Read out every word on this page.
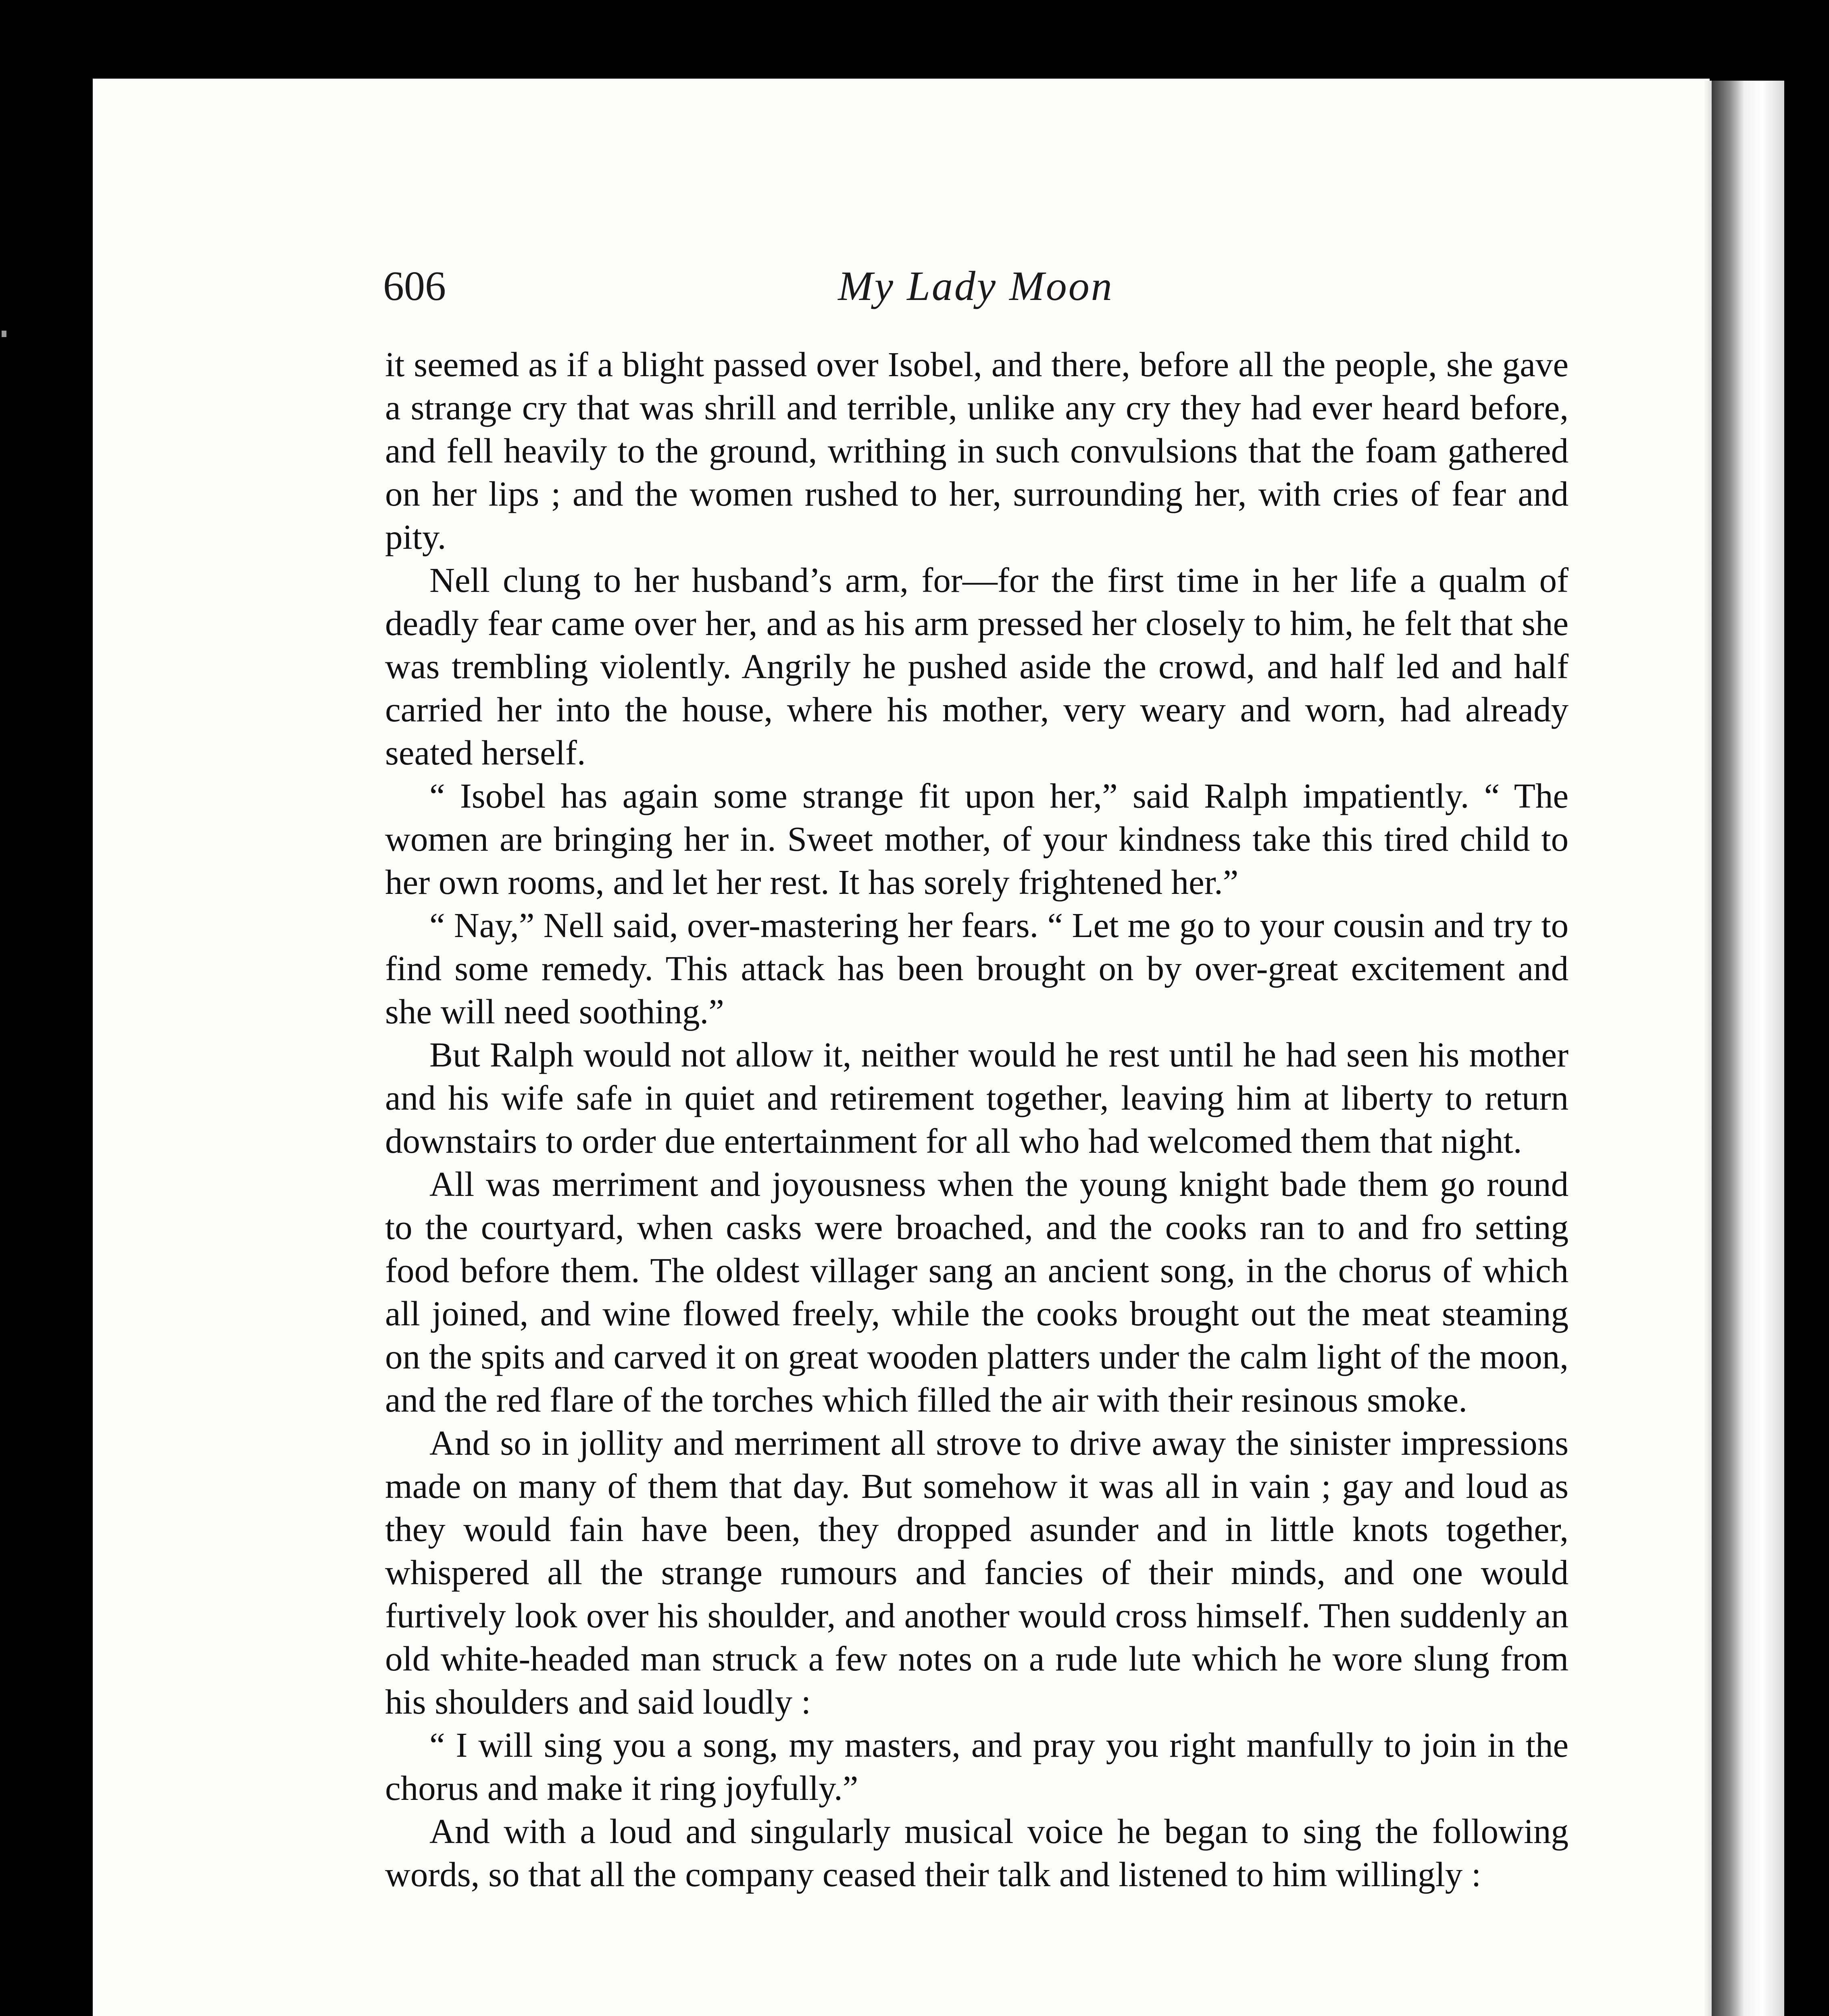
606	My Lady Moon

it seemed as if a blight passed over Isobel, and there, before all the people, she gave a strange cry that was shrill and terrible, unlike any cry they had ever heard before, and fell heavily to the ground, writhing in such convulsions that the foam gathered on her lips ; and the women rushed to her, surrounding her, with cries of fear and pity.

Nell clung to her husband’s arm, for—for the first time in her life a qualm of deadly fear came over her, and as his arm pressed her closely to him, he felt that she was trembling violently. Angrily he pushed aside the crowd, and half led and half carried her into the house, where his mother, very weary and worn, had already seated herself.

“ Isobel has again some strange fit upon her,” said Ralph impatiently. “ The women are bringing her in. Sweet mother, of your kindness take this tired child to her own rooms, and let her rest. It has sorely frightened her.”

“ Nay,” Nell said, over-mastering her fears. “ Let me go to your cousin and try to find some remedy. This attack has been brought on by over-great excitement and she will need soothing.”

But Ralph would not allow it, neither would he rest until he had seen his mother and his wife safe in quiet and retirement together, leaving him at liberty to return downstairs to order due entertainment for all who had welcomed them that night.

All was merriment and joyousness when the young knight bade them go round to the courtyard, when casks were broached, and the cooks ran to and fro setting food before them. The oldest villager sang an ancient song, in the chorus of which all joined, and wine flowed freely, while the cooks brought out the meat steaming on the spits and carved it on great wooden platters under the calm light of the moon, and the red flare of the torches which filled the air with their resinous smoke.

And so in jollity and merriment all strove to drive away the sinister impressions made on many of them that day. But somehow it was all in vain ; gay and loud as they would fain have been, they dropped asunder and in little knots together, whispered all the strange rumours and fancies of their minds, and one would furtively look over his shoulder, and another would cross himself. Then suddenly an old white-headed man struck a few notes on a rude lute which he wore slung from his shoulders and said loudly :

“ I will sing you a song, my masters, and pray you right manfully to join in the chorus and make it ring joyfully.”

And with a loud and singularly musical voice he began to sing the following words, so that all the company ceased their talk and listened to him willingly :
